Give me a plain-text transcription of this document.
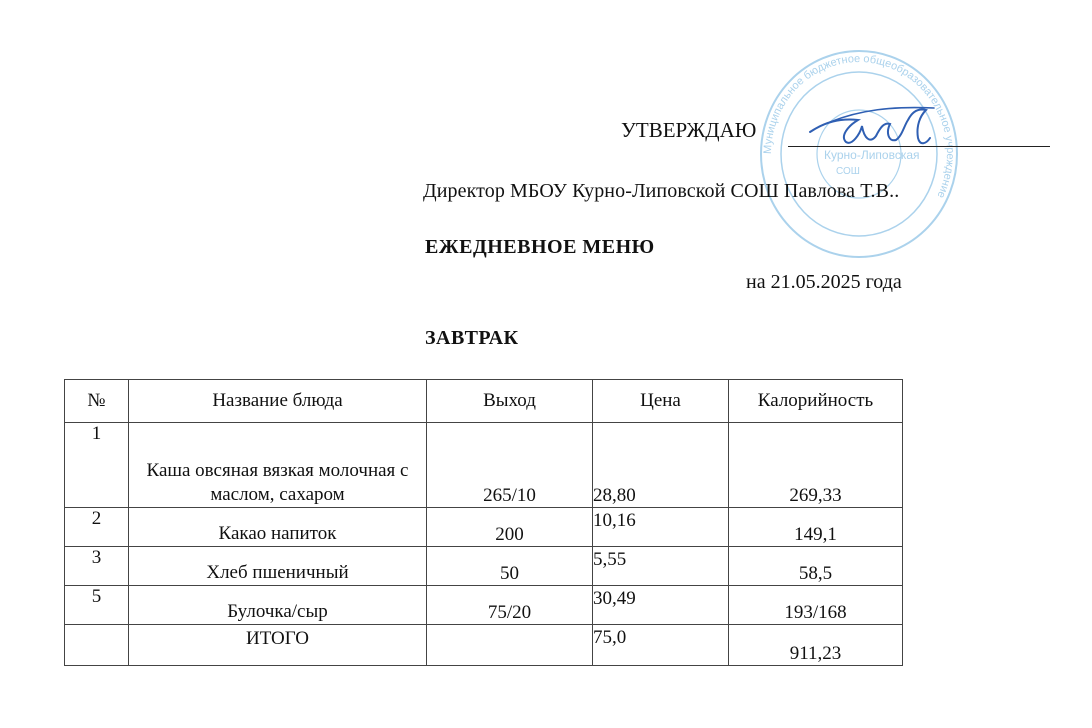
Муниципальное бюджетное общеобразовательное учреждение
Курно-Липовская
СОШ
УТВЕРЖДАЮ
Директор МБОУ Курно-Липовской СОШ Павлова Т.В..
ЕЖЕДНЕВНОЕ МЕНЮ
на 21.05.2025 года
ЗАВТРАК
№	Название блюда	Выход	Цена	Калорийность
1	Каша овсяная вязкая молочная с маслом, сахаром	265/10	28,80	269,33
2	Какао напиток	200	10,16	149,1
3	Хлеб пшеничный	50	5,55	58,5
5	Булочка/сыр	75/20	30,49	193/168
	ИТОГО		75,0	911,23
